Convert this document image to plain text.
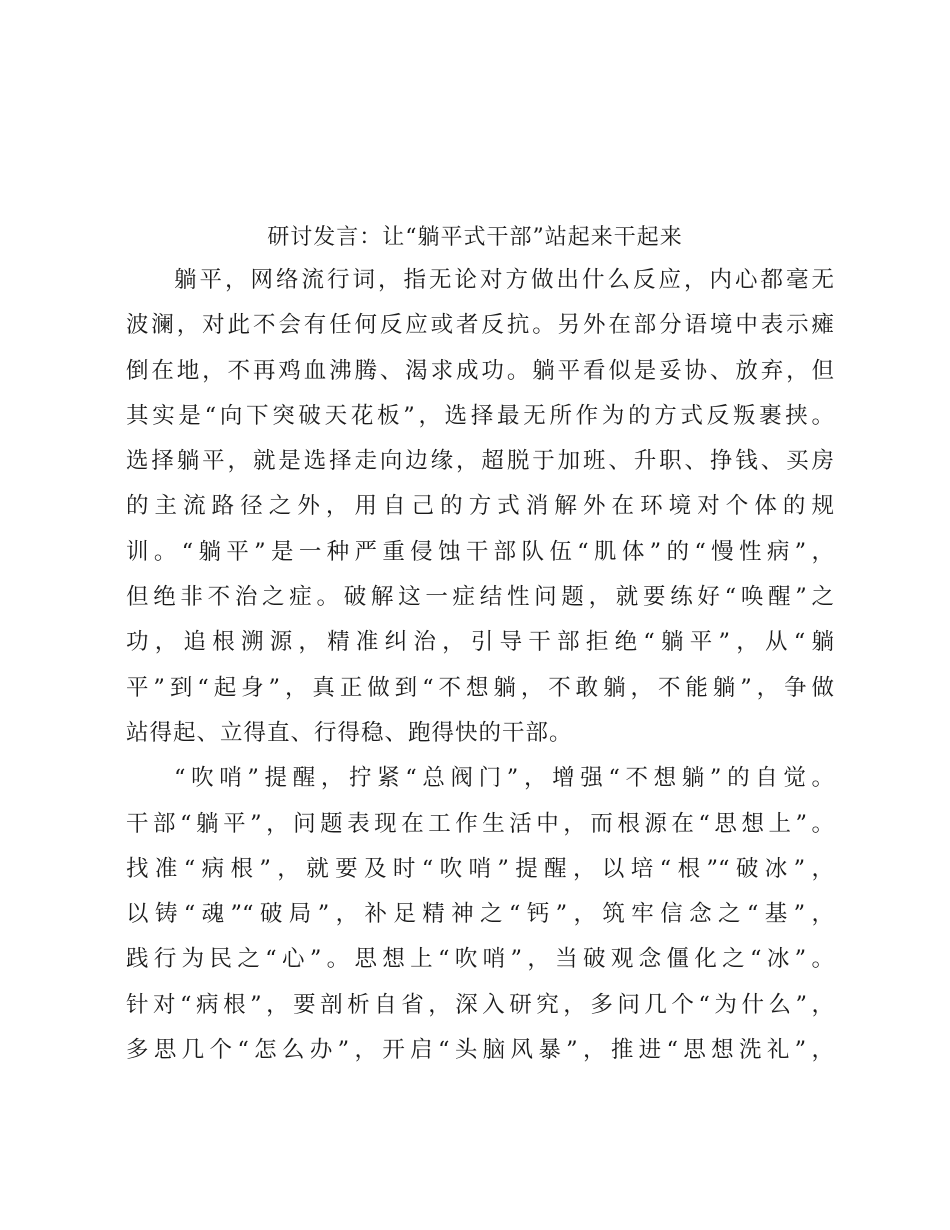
研讨发言：让“躺平式干部”站起来干起来
躺平，网络流行词，指无论对方做出什么反应，内心都毫无
波澜，对此不会有任何反应或者反抗。另外在部分语境中表示瘫
倒在地，不再鸡血沸腾、渴求成功。躺平看似是妥协、放弃，但
其实是“向下突破天花板”，选择最无所作为的方式反叛裹挟。
选择躺平，就是选择走向边缘，超脱于加班、升职、挣钱、买房
的主流路径之外，用自己的方式消解外在环境对个体的规
训。“躺平”是一种严重侵蚀干部队伍“肌体”的“慢性病”，
但绝非不治之症。破解这一症结性问题，就要练好“唤醒”之
功，追根溯源，精准纠治，引导干部拒绝“躺平”，从“躺
平”到“起身”，真正做到“不想躺，不敢躺，不能躺”，争做
站得起、立得直、行得稳、跑得快的干部。
“吹哨”提醒，拧紧“总阀门”，增强“不想躺”的自觉。
干部“躺平”，问题表现在工作生活中，而根源在“思想上”。
找准“病根”，就要及时“吹哨”提醒，以培“根”“破冰”，
以铸“魂”“破局”，补足精神之“钙”，筑牢信念之“基”，
践行为民之“心”。思想上“吹哨”，当破观念僵化之“冰”。
针对“病根”，要剖析自省，深入研究，多问几个“为什么”，
多思几个“怎么办”，开启“头脑风暴”，推进“思想洗礼”，
